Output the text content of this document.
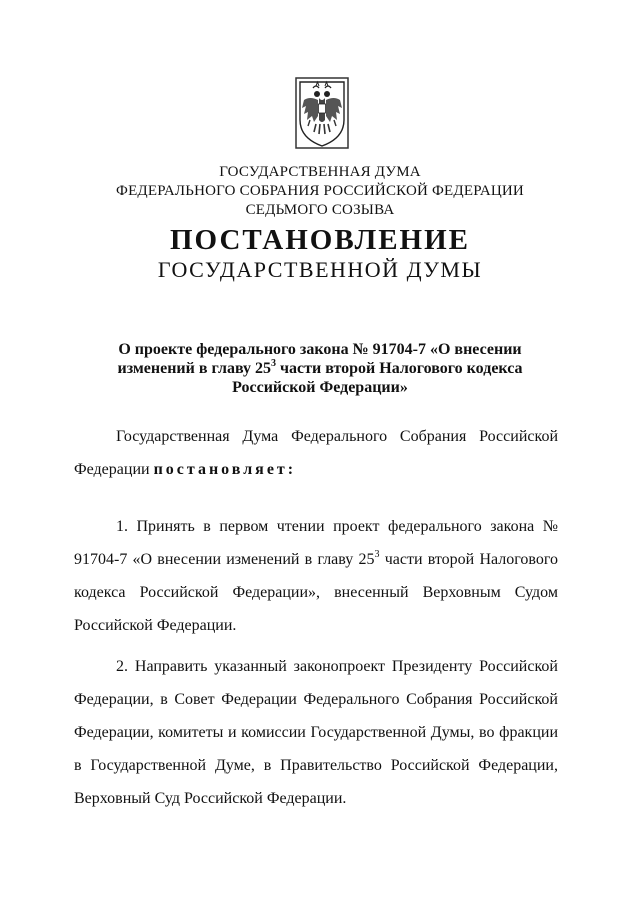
ГОСУДАРСТВЕННАЯ ДУМА
ФЕДЕРАЛЬНОГО СОБРАНИЯ РОССИЙСКОЙ ФЕДЕРАЦИИ
СЕДЬМОГО СОЗЫВА
ПОСТАНОВЛЕНИЕ
ГОСУДАРСТВЕННОЙ ДУМЫ
О проекте федерального закона № 91704-7 «О внесении изменений в главу $25^3$ части второй Налогового кодекса Российской Федерации»
Государственная Дума Федерального Собрания Российской Федерации постановляет:
1. Принять в первом чтении проект федерального закона № 91704-7 «О внесении изменений в главу $25^3$ части второй Налогового кодекса Российской Федерации», внесенный Верховным Судом Российской Федерации.
2. Направить указанный законопроект Президенту Российской Федерации, в Совет Федерации Федерального Собрания Российской Федерации, комитеты и комиссии Государственной Думы, во фракции в Государственной Думе, в Правительство Российской Федерации, Верховный Суд Российской Федерации.
